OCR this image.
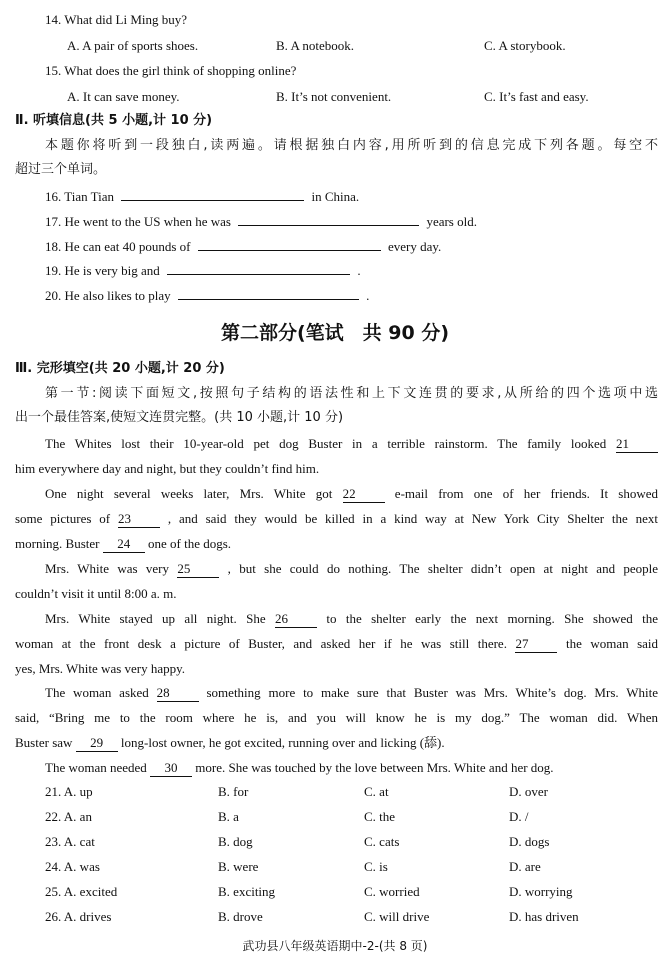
14. What did Li Ming buy?
A. A pair of sports shoes.	B. A notebook.	C. A storybook.
15. What does the girl think of shopping online?
A. It can save money.	B. It’s not convenient.	C. It’s fast and easy.
Ⅱ. 听填信息(共 5 小题,计 10 分)
本题你将听到一段独白,读两遍。请根据独白内容,用所听到的信息完成下列各题。每空不
超过三个单词。
16. Tian Tian	in China.
17. He went to the US when he was	years old.
18. He can eat 40 pounds of	every day.
19. He is very big and	.
20. He also likes to play	.
第二部分(笔试　共 90 分)
Ⅲ. 完形填空(共 20 小题,计 20 分)
第一节:阅读下面短文,按照句子结构的语法性和上下文连贯的要求,从所给的四个选项中选
出一个最佳答案,使短文连贯完整。(共 10 小题,计 10 分)
The Whites lost their 10-year-old pet dog Buster in a terrible rainstorm. The family looked 21
him everywhere day and night, but they couldn’t find him.
One night several weeks later, Mrs. White got 22	e-mail from one of her friends. It showed
some pictures of 23	, and said they would be killed in a kind way at New York City Shelter the next
morning. Buster 24 one of the dogs.
Mrs. White was very 25	, but she could do nothing. The shelter didn’t open at night and people
couldn’t visit it until 8:00 a. m.
Mrs. White stayed up all night. She 26	to the shelter early the next morning. She showed the
woman at the front desk a picture of Buster, and asked her if he was still there. 27	the woman said
yes, Mrs. White was very happy.
The woman asked 28	something more to make sure that Buster was Mrs. White’s dog. Mrs. White
said, “Bring me to the room where he is, and you will know he is my dog.” The woman did. When
Buster saw 29 long-lost owner, he got excited, running over and licking (舔).
The woman needed 30 more. She was touched by the love between Mrs. White and her dog.
21. A. up	B. for	C. at	D. over
22. A. an	B. a	C. the	D. /
23. A. cat	B. dog	C. cats	D. dogs
24. A. was	B. were	C. is	D. are
25. A. excited	B. exciting	C. worried	D. worrying
26. A. drives	B. drove	C. will drive	D. has driven
武功县八年级英语期中-2-(共 8 页)
